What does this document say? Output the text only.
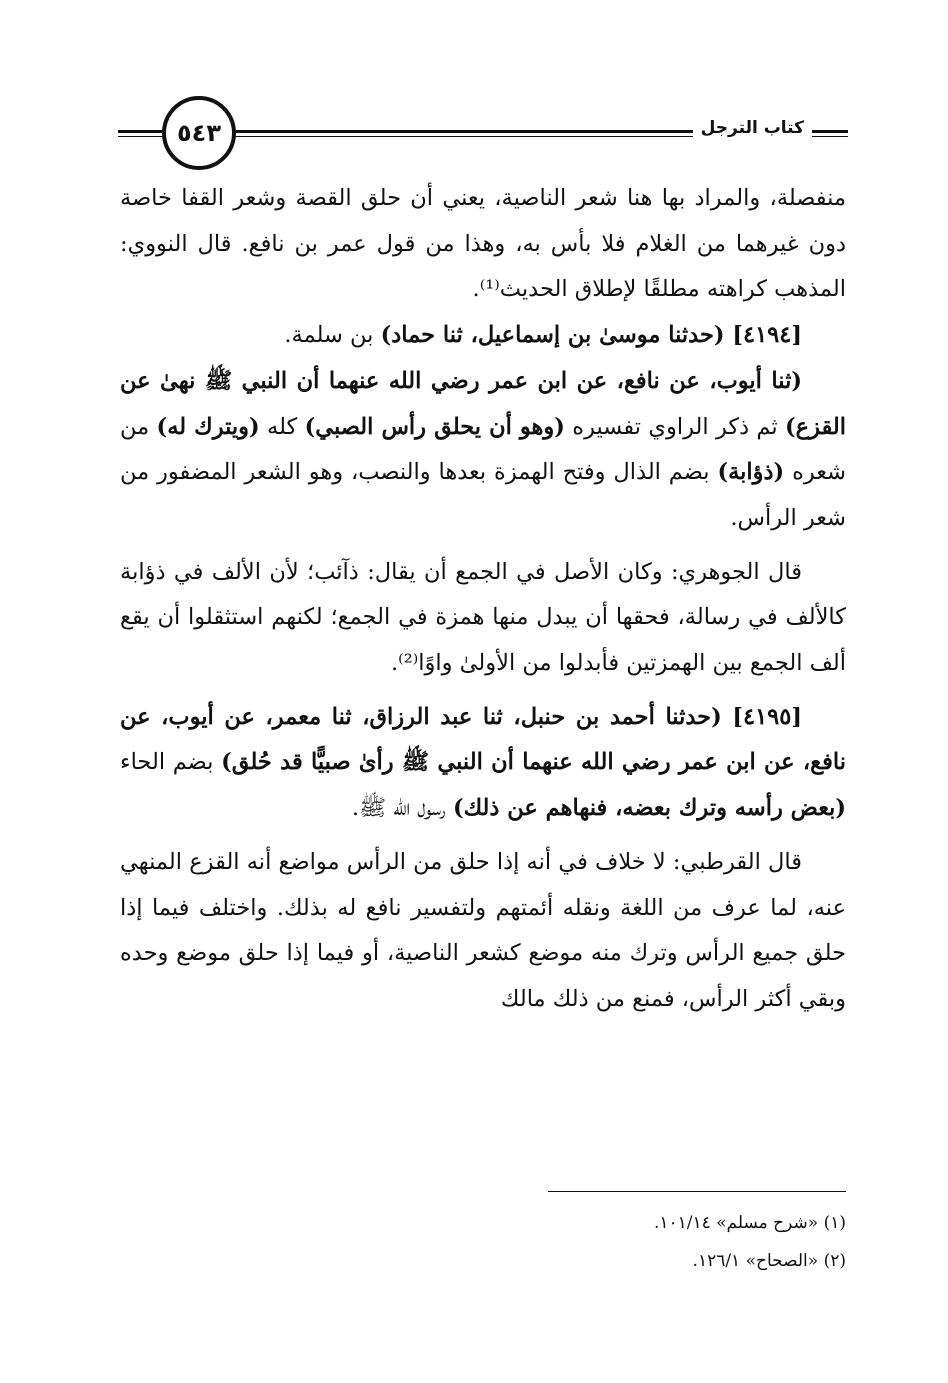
٥٤٣	كتاب الترجل

منفصلة، والمراد بها هنا شعر الناصية، يعني أن حلق القصة وشعر القفا خاصة دون غيرهما من الغلام فلا بأس به، وهذا من قول عمر بن نافع. قال النووي: المذهب كراهته مطلقًا لإطلاق الحديث⁽¹⁾.

[٤١٩٤] (حدثنا موسىٰ بن إسماعيل، ثنا حماد) بن سلمة.

(ثنا أيوب، عن نافع، عن ابن عمر رضي الله عنهما أن النبي ﷺ نهىٰ عن القزع) ثم ذكر الراوي تفسيره (وهو أن يحلق رأس الصبي) كله (ويترك له) من شعره (ذؤابة) بضم الذال وفتح الهمزة بعدها والنصب، وهو الشعر المضفور من شعر الرأس.

قال الجوهري: وكان الأصل في الجمع أن يقال: ذآئب؛ لأن الألف في ذؤابة كالألف في رسالة، فحقها أن يبدل منها همزة في الجمع؛ لكنهم استثقلوا أن يقع ألف الجمع بين الهمزتين فأبدلوا من الأولىٰ واوًا⁽²⁾.

[٤١٩٥] (حدثنا أحمد بن حنبل، ثنا عبد الرزاق، ثنا معمر، عن أيوب، عن نافع، عن ابن عمر رضي الله عنهما أن النبي ﷺ رأىٰ صبيًّا قد حُلق) بضم الحاء (بعض رأسه وترك بعضه، فنهاهم عن ذلك) رسول الله ﷺ.

قال القرطبي: لا خلاف في أنه إذا حلق من الرأس مواضع أنه القزع المنهي عنه، لما عرف من اللغة ونقله أئمتهم ولتفسير نافع له بذلك. واختلف فيما إذا حلق جميع الرأس وترك منه موضع كشعر الناصية، أو فيما إذا حلق موضع وحده وبقي أكثر الرأس، فمنع من ذلك مالك

(١) «شرح مسلم» ١٠١/١٤.

(٢) «الصحاح» ١٢٦/١.
